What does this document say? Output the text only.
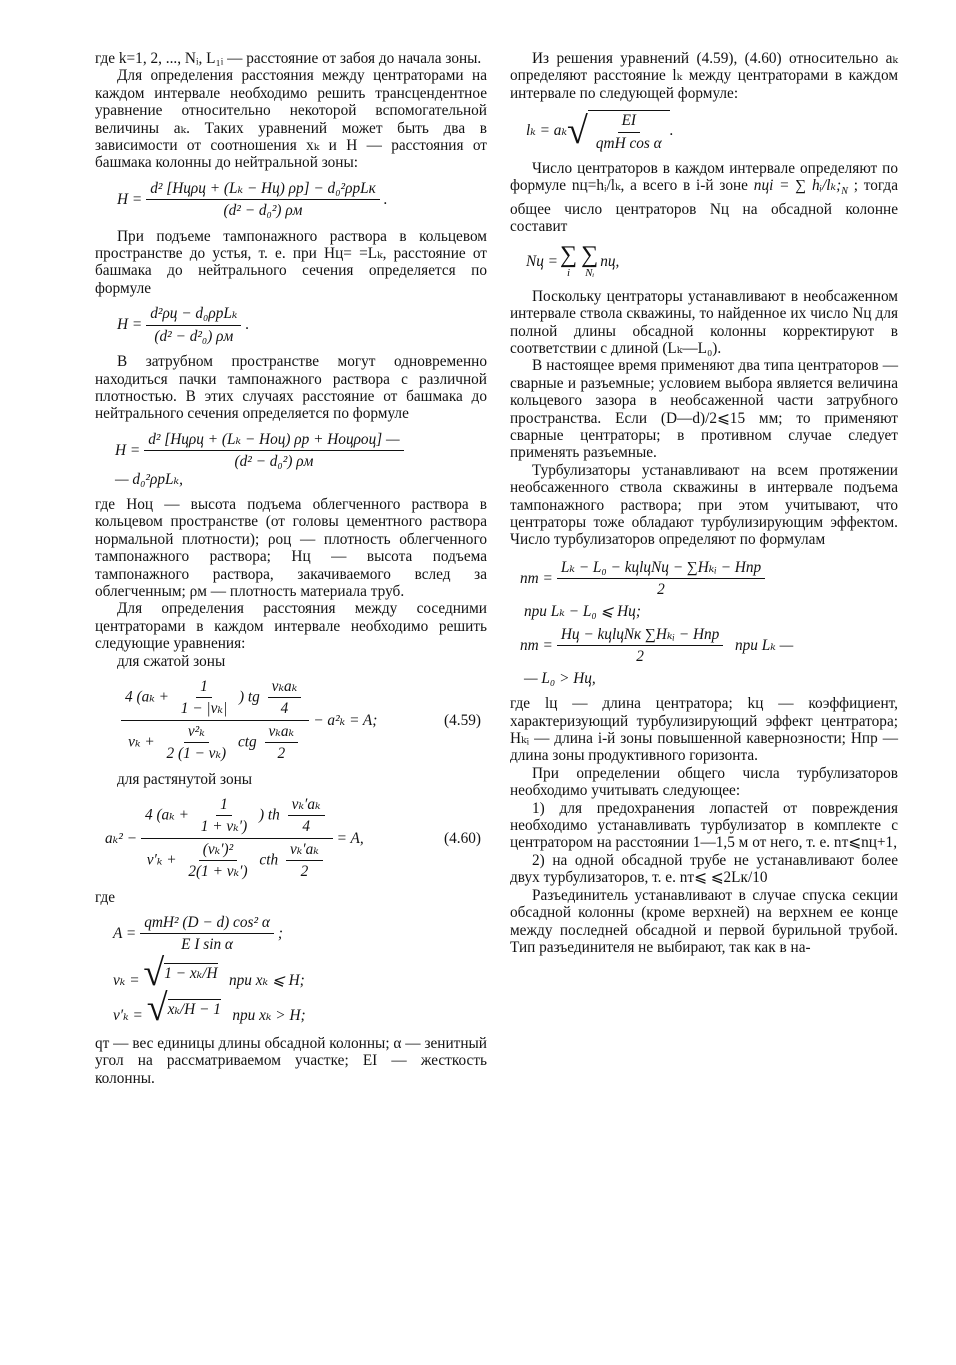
где k=1, 2, ..., Nᵢ, L₁ᵢ — расстояние от забоя до начала зоны.

Для определения расстояния между центраторами на каждом интервале необходимо решить трансцендентное уравнение относительно некоторой вспомогательной величины aₖ. Таких уравнений может быть два в зависимости от соотношения xₖ и H — расстояния от башмака колонны до нейтральной зоны:

$H = \frac{\text{d² [Hцρц + (Lₖ − Hц) ρр] − d₀²ρрLк}}{\text{(d² − d₀²) ρм}}$ .

При подъеме тампонажного раствора в кольцевом пространстве до устья, т. е. при Hц= =Lₖ, расстояние от башмака до нейтрального сечения определяется по формуле

$H = \frac{\text{d²ρц − d₀ρрLₖ}}{\text{(d² − d²₀) ρм}}$ .

В затрубном пространстве могут одновременно находиться пачки тампонажного раствора с различной плотностью. В этих случаях расстояние от башмака до нейтрального сечения определяется по формуле

$H = \frac{\text{d² [Hцρц + (Lₖ − Hоц) ρр + Hоцρоц] —}}{\text{(d² − d₀²) ρм}}$
— d₀²ρрLₖ,

где Hоц — высота подъема облегченного раствора в кольцевом пространстве (от головы цементного раствора нормальной плотности); ρоц — плотность облегченного тампонажного раствора; Hц — высота подъема тампонажного раствора, закачиваемого вслед за облегченным; ρм — плотность материала труб.

Для определения расстояния между соседними центраторами в каждом интервале необходимо решить следующие уравнения:

для сжатой зоны

$\frac{4 (a_k + \frac{1}{\text{1 − |vₖ|}} ) tg \frac{\text{vₖaₖ}}{4}}{v_k + \frac{\text{v²ₖ}}{\text{2 (1 − vₖ)}} ctg \frac{\text{vₖaₖ}}{2}} - a^2_k = A$;	(4.59)

для растянутой зоны

$a_k^2 - \frac{4 (a_k + \frac{1}{\text{1 + vₖ′)}} ) th \frac{\text{vₖ′aₖ}}{4}}{v'_k + \frac{\text{(vₖ′)²}}{\text{2(1 + vₖ′)}} cth \frac{\text{vₖ′aₖ}}{2}} = A$,	(4.60)

где

$A = \frac{\text{qтH² (D − d) cos² α}}{\text{E I sin α}}$ ;
vₖ = √ 1 − xₖ/H при xₖ ⩽ H;
v′ₖ = √ xₖ/H − 1 при xₖ > H;

qт — вес единицы длины обсадной колонны; α — зенитный угол на рассматриваемом участке; EI — жесткость колонны.

Из решения уравнений (4.59), (4.60) относительно aₖ определяют расстояние lₖ между центраторами в каждом интервале по следующей формуле:

lₖ = aₖ √ $\frac{EI}{\text{qтH cos α}}$ .

Число центраторов в каждом интервале определяют по формуле nц=hᵢ/lₖ, а всего в i-й зоне nцi = ∑ $hᵢ/l_k;_N$ ; тогда общее число центраторов Nц на обсадной колонне составит

Nц = ∑
i
∑
Nᵢ
nц,

Поскольку центраторы устанавливают в необсаженном интервале ствола скважины, то найденное их число Nц для полной длины обсадной колонны корректируют в соответствии с длиной (Lₖ—L₀).

В настоящее время применяют два типа центраторов — сварные и разъемные; условием выбора является величина кольцевого зазора в необсаженной части затрубного пространства. Если (D—d)/2⩽15 мм; то применяют сварные центраторы; в противном случае следует применять разъемные.

Турбулизаторы устанавливают на всем протяжении необсаженного ствола скважины в интервале подъема тампонажного раствора; при этом учитывают, что центраторы тоже обладают турбулизирующим эффектом. Число турбулизаторов определяют по формулам

nт = $\frac{\text{Lₖ − L₀ − kцlцNц − ∑Hₖᵢ − Hпр}}{2}$
при Lₖ − L₀ ⩽ Hц;
nт = $\frac{\text{Hц − kцlцNк ∑Hₖᵢ − Hпр}}{2}$
при Lₖ —
— L₀ > Hц,

где lц — длина центратора; kц — коэффициент, характеризующий турбулизирующий эффект центратора; Hₖᵢ — длина i-й зоны повышенной кавернозности; Hпр — длина зоны продуктивного горизонта.

При определении общего числа турбулизаторов необходимо учитывать следующее:

1) для предохранения лопастей от повреждения необходимо устанавливать турбулизатор в комплекте с центратором на расстоянии 1—1,5 м от него, т. е. nт⩽nц+1,

2) на одной обсадной трубе не устанавливают более двух турбулизаторов, т. е. nт⩽ ⩽2Lк/10

Разъединитель устанавливают в случае спуска секции обсадной колонны (кроме верхней) на верхнем ее конце между последней обсадной и первой бурильной трубой. Тип разъединителя не выбирают, так как в на-
